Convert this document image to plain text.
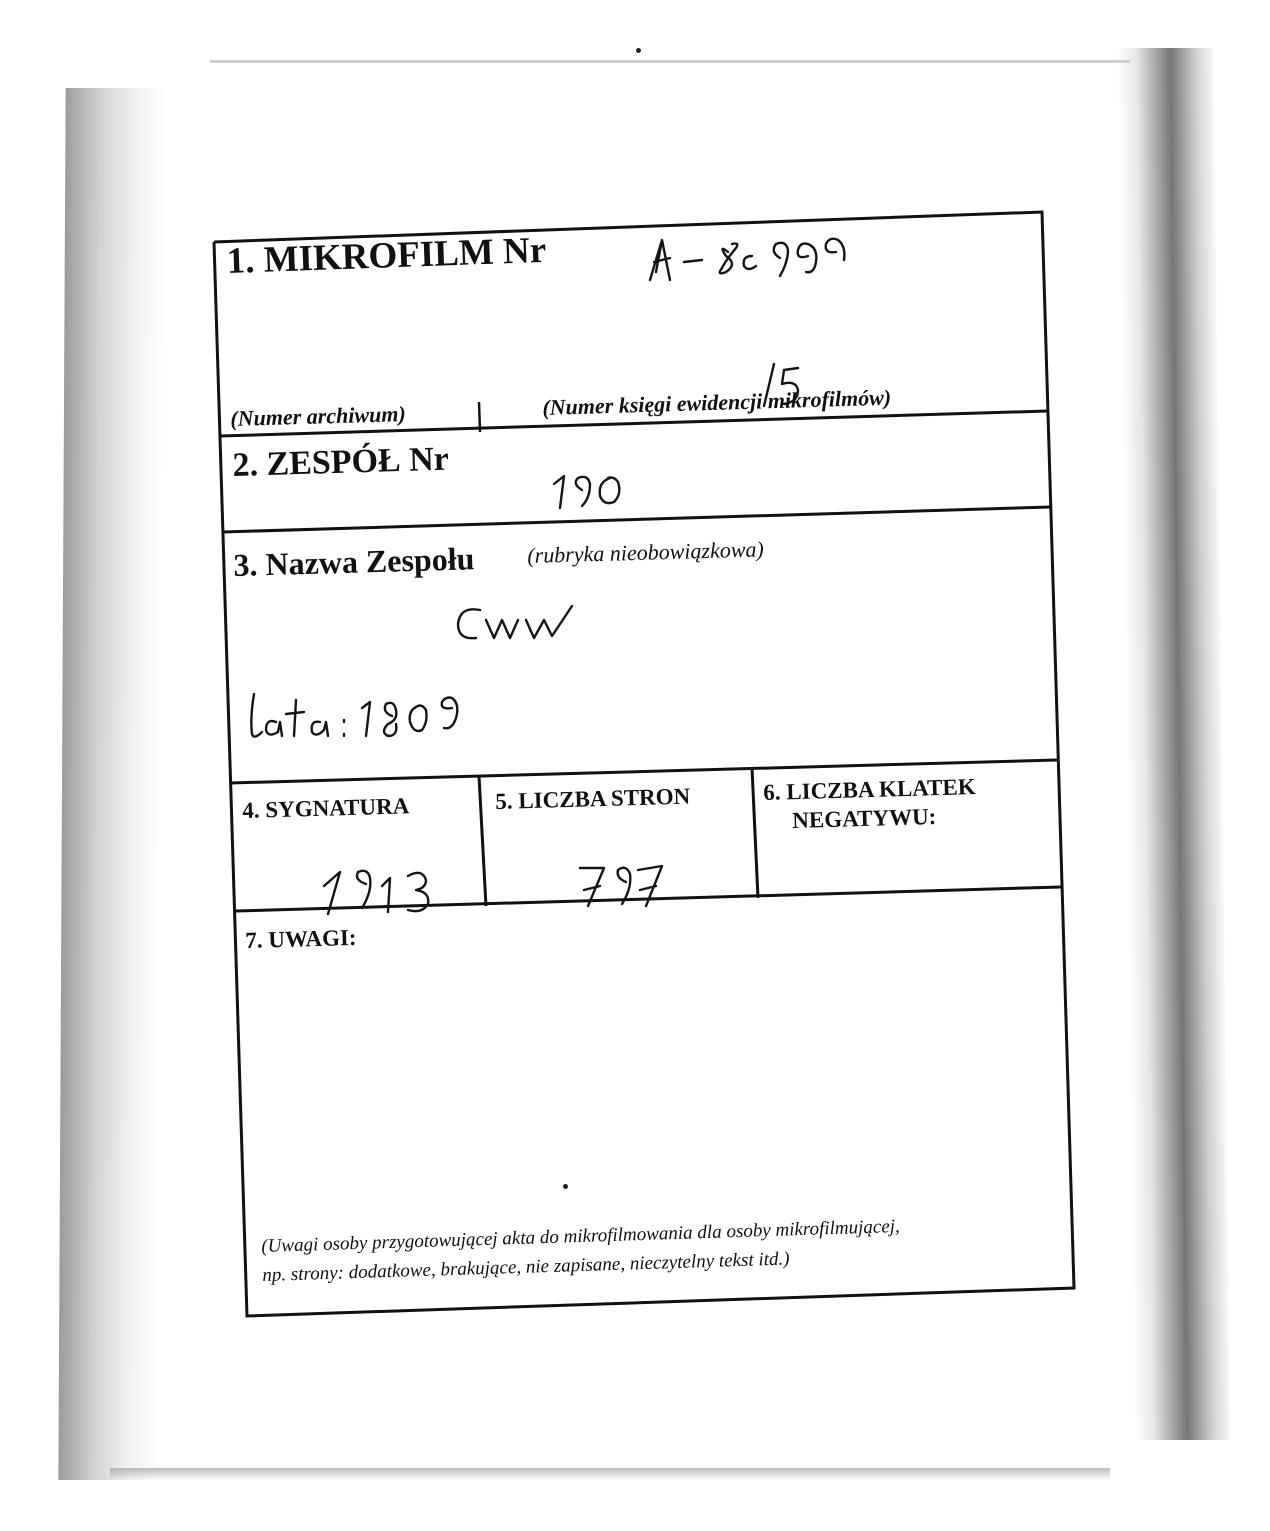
1. MIKROFILM Nr
(Numer archiwum)	(Numer księgi ewidencji mikrofilmów)
2. ZESPÓŁ Nr
3. Nazwa Zespołu (rubryka nieobowiązkowa)
4. SYGNATURA	5. LICZBA STRON	6. LICZBA KLATEK
NEGATYWU:
7. UWAGI:
(Uwagi osoby przygotowującej akta do mikrofilmowania dla osoby mikrofilmującej,
np. strony: dodatkowe, brakujące, nie zapisane, nieczytelny tekst itd.)
